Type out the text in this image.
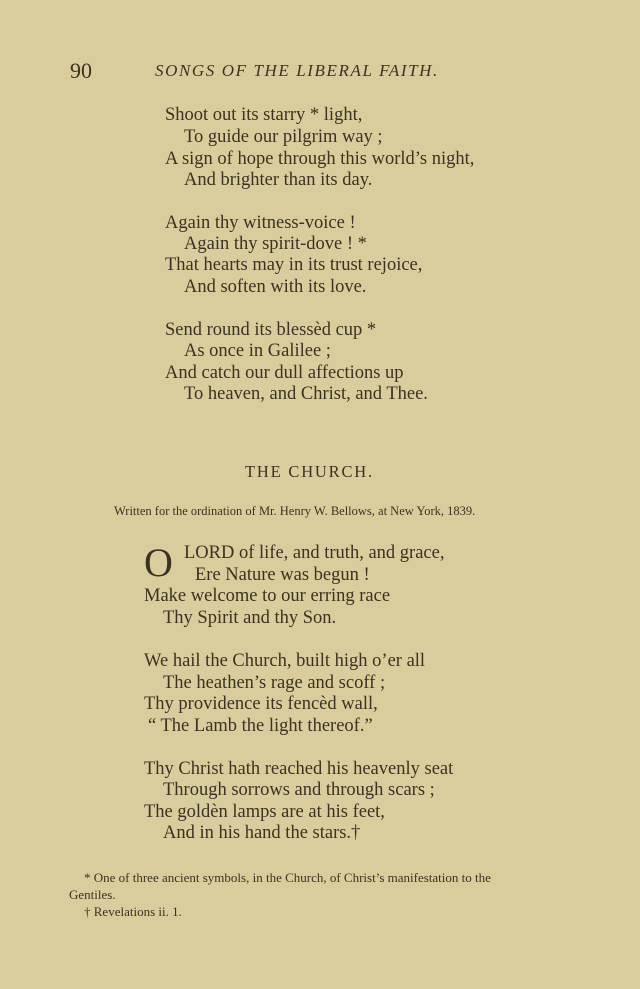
90	SONGS OF THE LIBERAL FAITH.
Shoot out its starry * light,
To guide our pilgrim way ;
A sign of hope through this world’s night,
And brighter than its day.
Again thy witness-voice !
Again thy spirit-dove ! *
That hearts may in its trust rejoice,
And soften with its love.
Send round its blessèd cup *
As once in Galilee ;
And catch our dull affections up
To heaven, and Christ, and Thee.
THE CHURCH.
Written for the ordination of Mr. Henry W. Bellows, at New York, 1839.
O LORD of life, and truth, and grace,
Ere Nature was begun !
Make welcome to our erring race
Thy Spirit and thy Son.
We hail the Church, built high o’er all
The heathen’s rage and scoff ;
Thy providence its fencèd wall,
“ The Lamb the light thereof.”
Thy Christ hath reached his heavenly seat
Through sorrows and through scars ;
The goldèn lamps are at his feet,
And in his hand the stars.†
* One of three ancient symbols, in the Church, of Christ’s manifestation to the
Gentiles.
† Revelations ii. 1.
